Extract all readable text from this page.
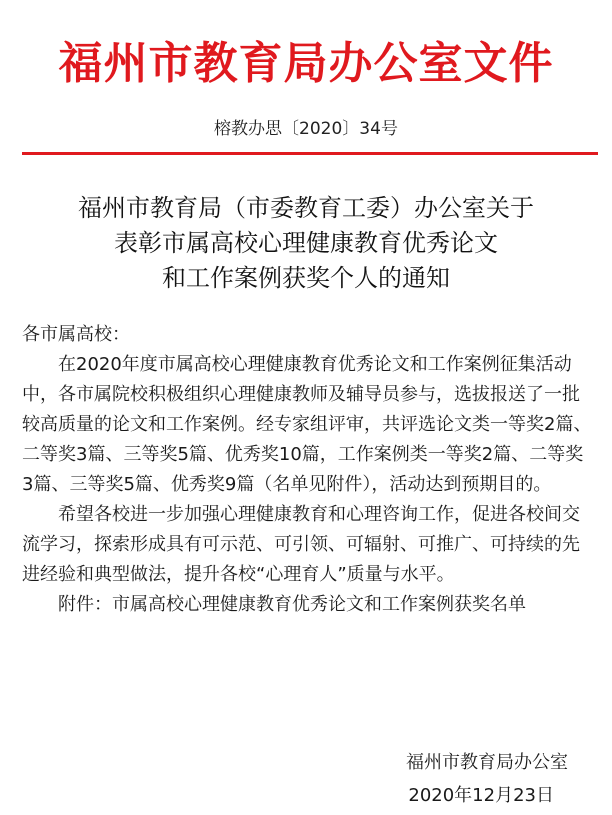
福州市教育局办公室文件
榕教办思〔2020〕34号
福州市教育局（市委教育工委）办公室关于
表彰市属高校心理健康教育优秀论文
和工作案例获奖个人的通知

各市属高校：

在2020年度市属高校心理健康教育优秀论文和工作案例征集活动中，各市属院校积极组织心理健康教师及辅导员参与，选拔报送了一批较高质量的论文和工作案例。经专家组评审，共评选论文类一等奖2篇、二等奖3篇、三等奖5篇、优秀奖10篇，工作案例类一等奖2篇、二等奖3篇、三等奖5篇、优秀奖9篇（名单见附件），活动达到预期目的。

希望各校进一步加强心理健康教育和心理咨询工作，促进各校间交流学习，探索形成具有可示范、可引领、可辐射、可推广、可持续的先进经验和典型做法，提升各校“心理育人”质量与水平。

附件：市属高校心理健康教育优秀论文和工作案例获奖名单

福州市教育局办公室
2020年12月23日
